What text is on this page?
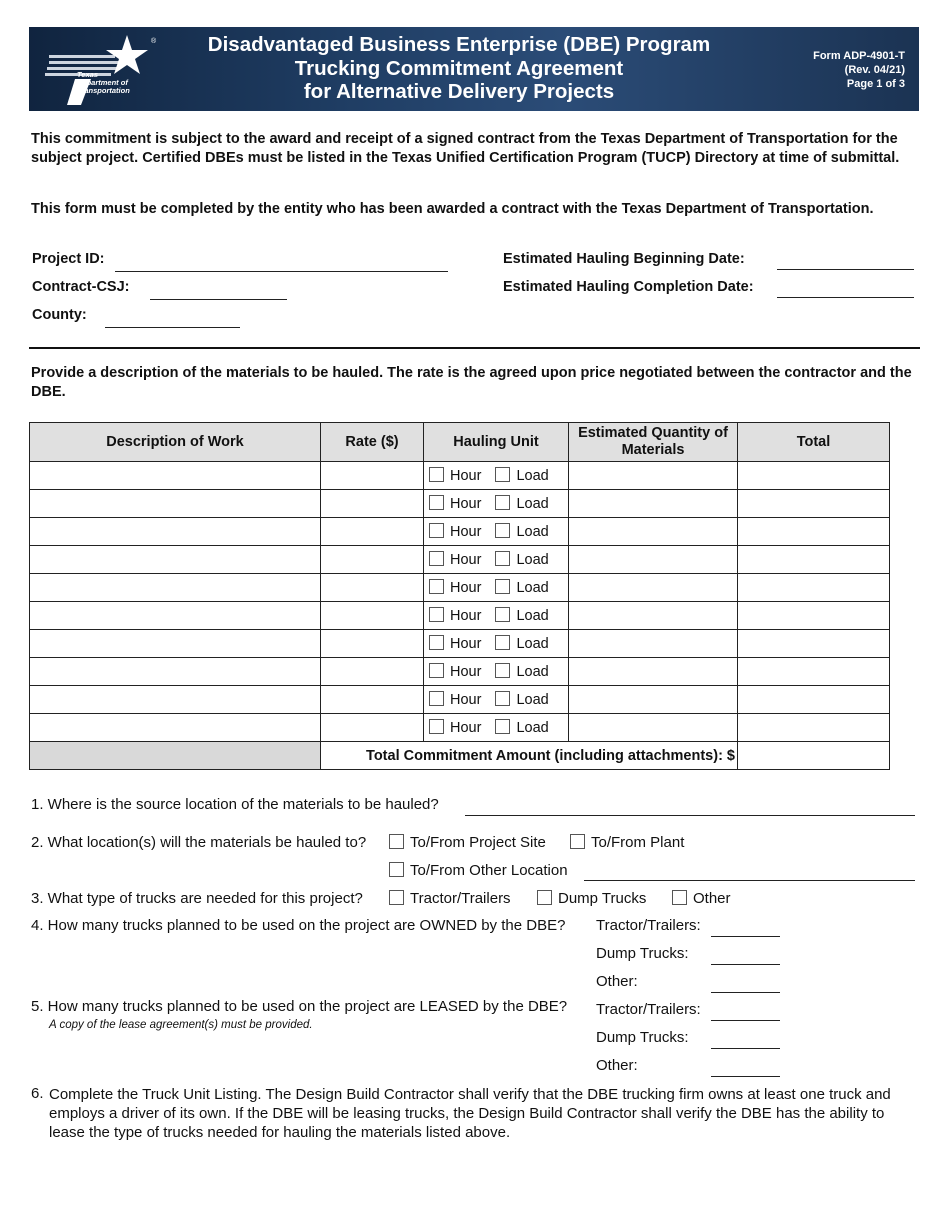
®
Texas Department of Transportation
Disadvantaged Business Enterprise (DBE) Program
Trucking Commitment Agreement
for Alternative Delivery Projects
Form ADP-4901-T
(Rev. 04/21)
Page 1 of 3
This commitment is subject to the award and receipt of a signed contract from the Texas Department of Transportation for the subject project. Certified DBEs must be listed in the Texas Unified Certification Program (TUCP) Directory at time of submittal.
This form must be completed by the entity who has been awarded a contract with the Texas Department of Transportation.
Project ID:
Contract-CSJ:
County:
Estimated Hauling Beginning Date:
Estimated Hauling Completion Date:
Provide a description of the materials to be hauled. The rate is the agreed upon price negotiated between the contractor and the DBE.
Description of Work	Rate ($)	Hauling Unit	Estimated Quantity of Materials	Total
		Hour Load		
		Hour Load		
		Hour Load		
		Hour Load		
		Hour Load		
		Hour Load		
		Hour Load		
		Hour Load		
		Hour Load		
		Hour Load		
	Total Commitment Amount (including attachments): $			
1. Where is the source location of the materials to be hauled?
2. What location(s) will the materials be hauled to?	To/From Project Site	To/From Plant
To/From Other Location
3. What type of trucks are needed for this project?	Tractor/Trailers	Dump Trucks	Other
4. How many trucks planned to be used on the project are OWNED by the DBE? Tractor/Trailers:
Dump Trucks:
Other:
5. How many trucks planned to be used on the project are LEASED by the DBE?
A copy of the lease agreement(s) must be provided.
Tractor/Trailers:
Dump Trucks:
Other:
6. Complete the Truck Unit Listing. The Design Build Contractor shall verify that the DBE trucking firm owns at least one truck and employs a driver of its own. If the DBE will be leasing trucks, the Design Build Contractor shall verify the DBE has the ability to lease the type of trucks needed for hauling the materials listed above.
